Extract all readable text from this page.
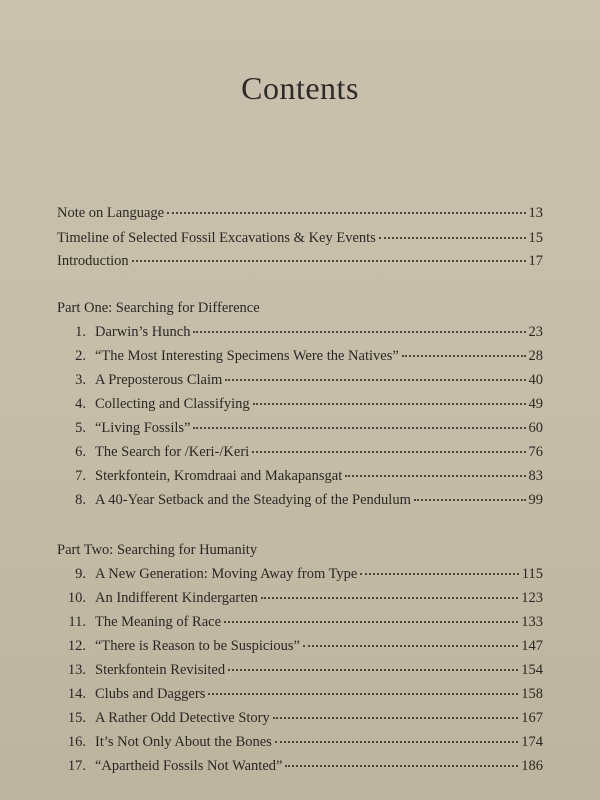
Contents
Note on Language	13
Timeline of Selected Fossil Excavations & Key Events	15
Introduction	17
Part One: Searching for Difference
1. Darwin’s Hunch	23
2. “The Most Interesting Specimens Were the Natives”	28
3. A Preposterous Claim	40
4. Collecting and Classifying	49
5. “Living Fossils”	60
6. The Search for /Keri-/Keri	76
7. Sterkfontein, Kromdraai and Makapansgat	83
8. A 40-Year Setback and the Steadying of the Pendulum	99
Part Two: Searching for Humanity
9. A New Generation: Moving Away from Type	115
10. An Indifferent Kindergarten	123
11. The Meaning of Race	133
12. “There is Reason to be Suspicious”	147
13. Sterkfontein Revisited	154
14. Clubs and Daggers	158
15. A Rather Odd Detective Story	167
16. It’s Not Only About the Bones	174
17. “Apartheid Fossils Not Wanted”	186
